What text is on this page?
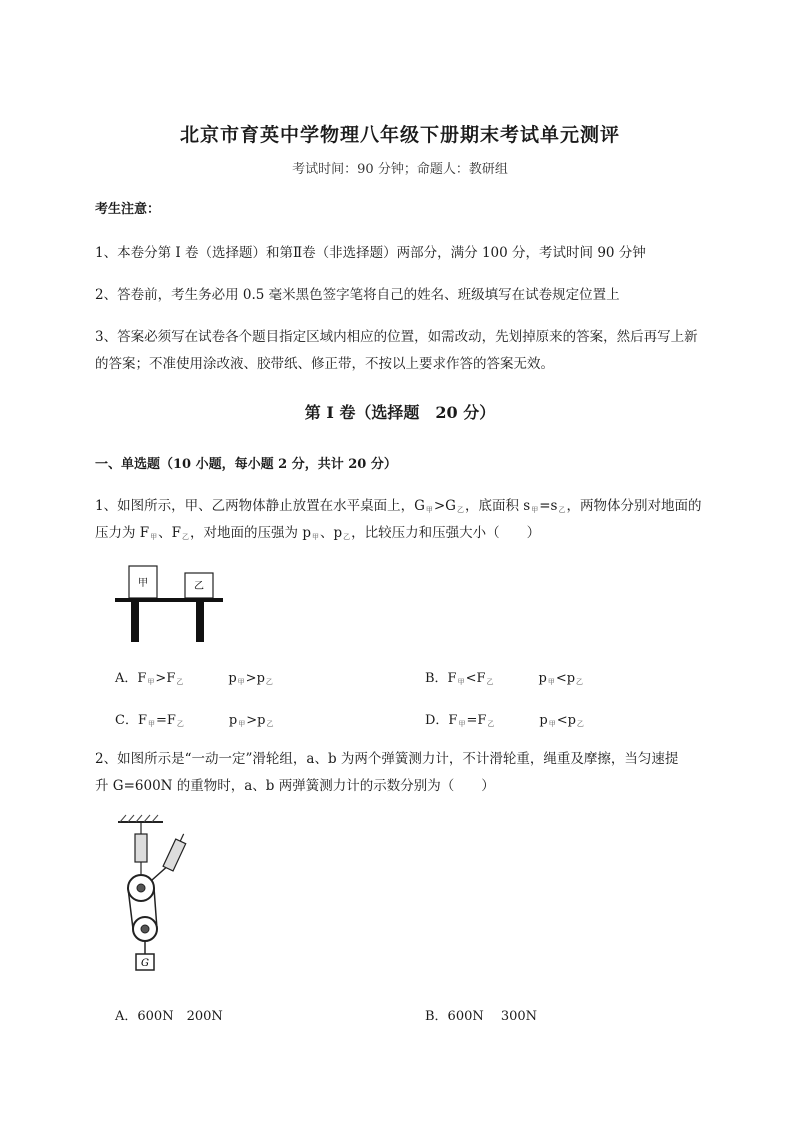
北京市育英中学物理八年级下册期末考试单元测评
考试时间：90 分钟；命题人：教研组
考生注意：
1、本卷分第 I 卷（选择题）和第Ⅱ卷（非选择题）两部分，满分 100 分，考试时间 90 分钟
2、答卷前，考生务必用 0.5 毫米黑色签字笔将自己的姓名、班级填写在试卷规定位置上
3、答案必须写在试卷各个题目指定区域内相应的位置，如需改动，先划掉原来的答案，然后再写上新
的答案；不准使用涂改液、胶带纸、修正带，不按以上要求作答的答案无效。
第 I 卷（选择题　20 分）
一、单选题（10 小题，每小题 2 分，共计 20 分）
1、如图所示，甲、乙两物体静止放置在水平桌面上，$G_甲>G_乙$，底面积 $s_甲=s_乙$，两物体分别对地面的
压力为 $F_甲$、$F_乙$，对地面的压强为 $p_甲$、$p_乙$，比较压力和压强大小（　　）
甲	乙
A．$F_甲>F_乙$	$p_甲>p_乙$	B．$F_甲<F_乙$	$p_甲<p_乙$
C．$F_甲=F_乙$	$p_甲>p_乙$	D．$F_甲=F_乙$	$p_甲<p_乙$
2、如图所示是“一动一定”滑轮组，a、b 为两个弹簧测力计，不计滑轮重，绳重及摩擦，当匀速提
升 G=600N 的重物时，a、b 两弹簧测力计的示数分别为（　　）
G
A．600N　200N	B．600N　 300N
